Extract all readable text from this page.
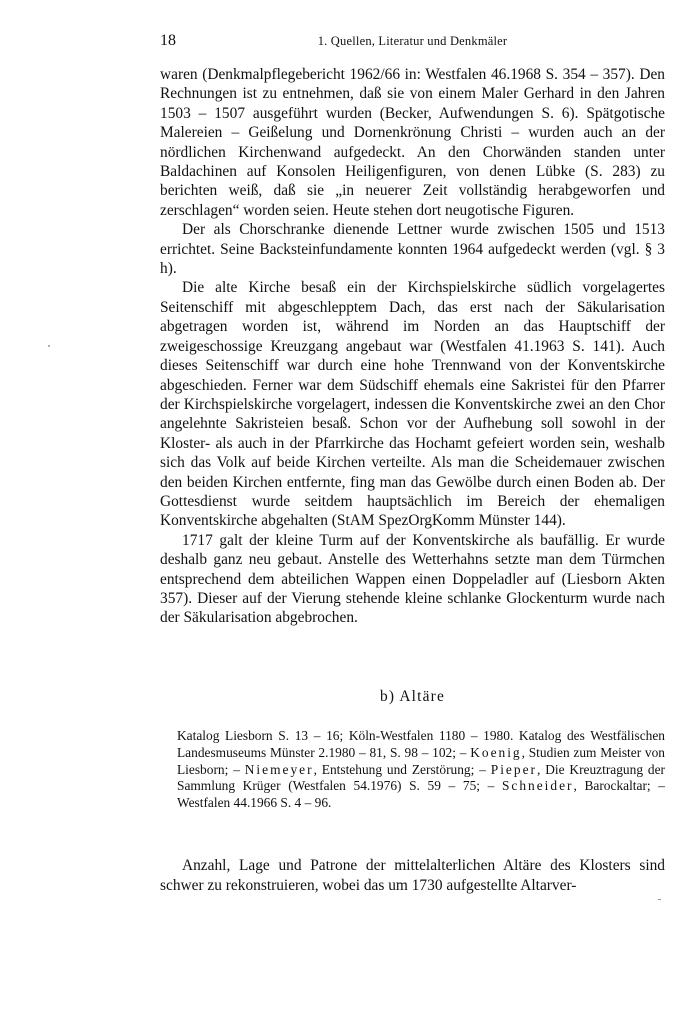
18	1. Quellen, Literatur und Denkmäler

waren (Denkmalpflegebericht 1962/66 in: Westfalen 46.1968 S. 354 – 357). Den Rechnungen ist zu entnehmen, daß sie von einem Maler Gerhard in den Jahren 1503 – 1507 ausgeführt wurden (Becker, Aufwendungen S. 6). Spätgotische Malereien – Geißelung und Dornenkrönung Christi – wurden auch an der nördlichen Kirchenwand aufgedeckt. An den Chorwänden standen unter Baldachinen auf Konsolen Heiligenfiguren, von denen Lübke (S. 283) zu berichten weiß, daß sie „in neuerer Zeit vollständig herabgeworfen und zerschlagen“ worden seien. Heute stehen dort neugotische Figuren.

Der als Chorschranke dienende Lettner wurde zwischen 1505 und 1513 errichtet. Seine Backsteinfundamente konnten 1964 aufgedeckt werden (vgl. § 3 h).

Die alte Kirche besaß ein der Kirchspielskirche südlich vorgelagertes Seitenschiff mit abgeschlepptem Dach, das erst nach der Säkularisation abgetragen worden ist, während im Norden an das Hauptschiff der zweigeschossige Kreuzgang angebaut war (Westfalen 41.1963 S. 141). Auch dieses Seitenschiff war durch eine hohe Trennwand von der Konventskirche abgeschieden. Ferner war dem Südschiff ehemals eine Sakristei für den Pfarrer der Kirchspielskirche vorgelagert, indessen die Konventskirche zwei an den Chor angelehnte Sakristeien besaß. Schon vor der Aufhebung soll sowohl in der Kloster- als auch in der Pfarrkirche das Hochamt gefeiert worden sein, weshalb sich das Volk auf beide Kirchen verteilte. Als man die Scheidemauer zwischen den beiden Kirchen entfernte, fing man das Gewölbe durch einen Boden ab. Der Gottesdienst wurde seitdem hauptsächlich im Bereich der ehemaligen Konventskirche abgehalten (StAM SpezOrgKomm Münster 144).

1717 galt der kleine Turm auf der Konventskirche als baufällig. Er wurde deshalb ganz neu gebaut. Anstelle des Wetterhahns setzte man dem Türmchen entsprechend dem abteilichen Wappen einen Doppeladler auf (Liesborn Akten 357). Dieser auf der Vierung stehende kleine schlanke Glockenturm wurde nach der Säkularisation abgebrochen.

b) Altäre

Katalog Liesborn S. 13 – 16; Köln-Westfalen 1180 – 1980. Katalog des Westfälischen Landesmuseums Münster 2.1980 – 81, S. 98 – 102; – Koenig, Studien zum Meister von Liesborn; – Niemeyer, Entstehung und Zerstörung; – Pieper, Die Kreuztragung der Sammlung Krüger (Westfalen 54.1976) S. 59 – 75; – Schneider, Barockaltar; – Westfalen 44.1966 S. 4 – 96.

Anzahl, Lage und Patrone der mittelalterlichen Altäre des Klosters sind schwer zu rekonstruieren, wobei das um 1730 aufgestellte Altarver-
